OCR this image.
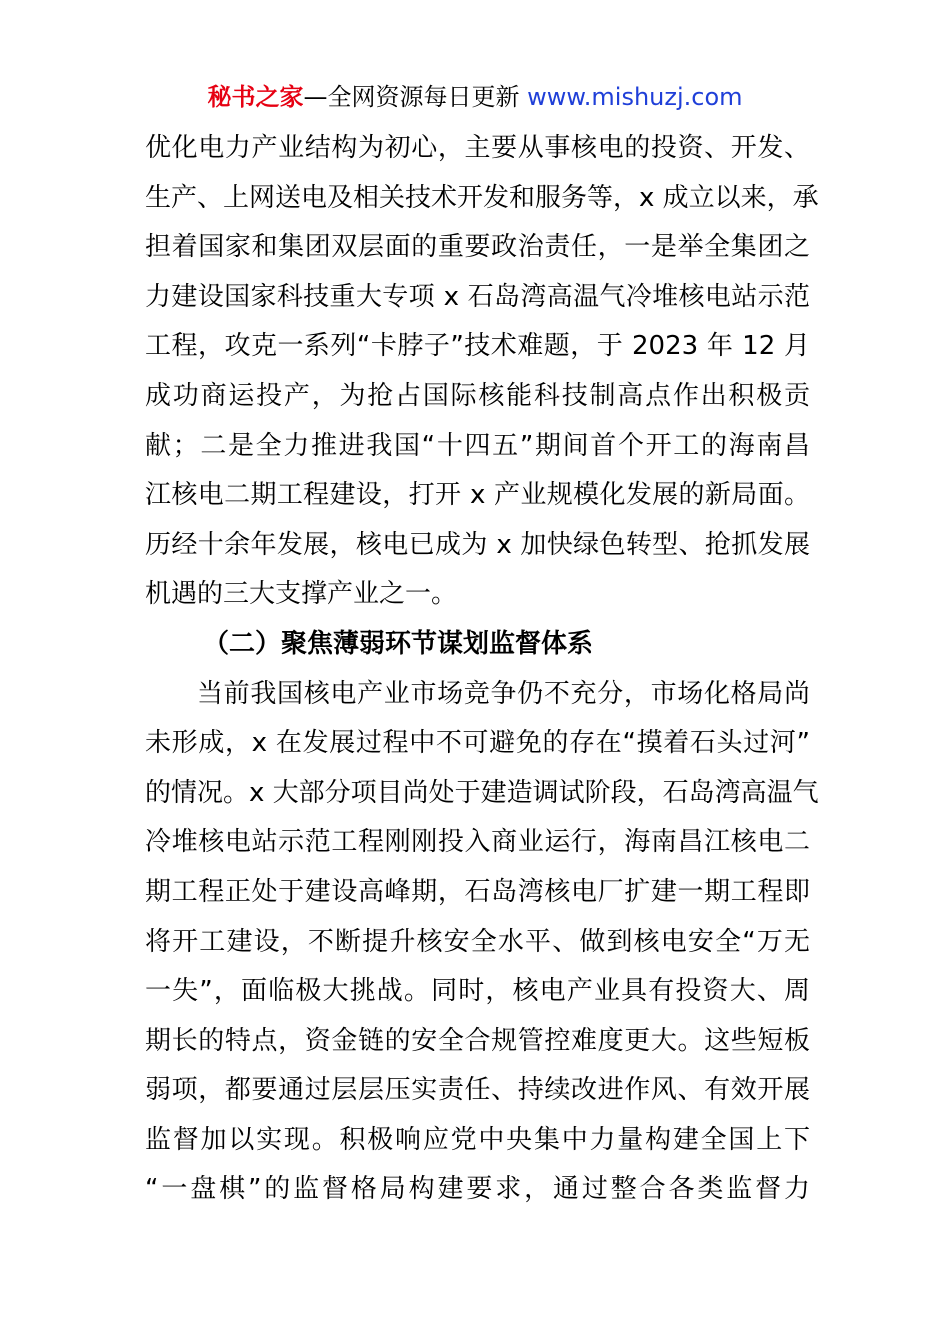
秘书之家—全网资源每日更新 www.mishuzj.com
优化电力产业结构为初心，主要从事核电的投资、开发、
生产、上网送电及相关技术开发和服务等，x 成立以来，承
担着国家和集团双层面的重要政治责任，一是举全集团之
力建设国家科技重大专项 x 石岛湾高温气冷堆核电站示范
工程，攻克一系列“卡脖子”技术难题，于 2023 年 12 月
成功商运投产，为抢占国际核能科技制高点作出积极贡
献；二是全力推进我国“十四五”期间首个开工的海南昌
江核电二期工程建设，打开 x 产业规模化发展的新局面。
历经十余年发展，核电已成为 x 加快绿色转型、抢抓发展
机遇的三大支撑产业之一。
（二）聚焦薄弱环节谋划监督体系
当前我国核电产业市场竞争仍不充分，市场化格局尚
未形成，x 在发展过程中不可避免的存在“摸着石头过河”
的情况。x 大部分项目尚处于建造调试阶段，石岛湾高温气
冷堆核电站示范工程刚刚投入商业运行，海南昌江核电二
期工程正处于建设高峰期，石岛湾核电厂扩建一期工程即
将开工建设，不断提升核安全水平、做到核电安全“万无
一失”，面临极大挑战。同时，核电产业具有投资大、周
期长的特点，资金链的安全合规管控难度更大。这些短板
弱项，都要通过层层压实责任、持续改进作风、有效开展
监督加以实现。积极响应党中央集中力量构建全国上下
“一盘棋”的监督格局构建要求，通过整合各类监督力
